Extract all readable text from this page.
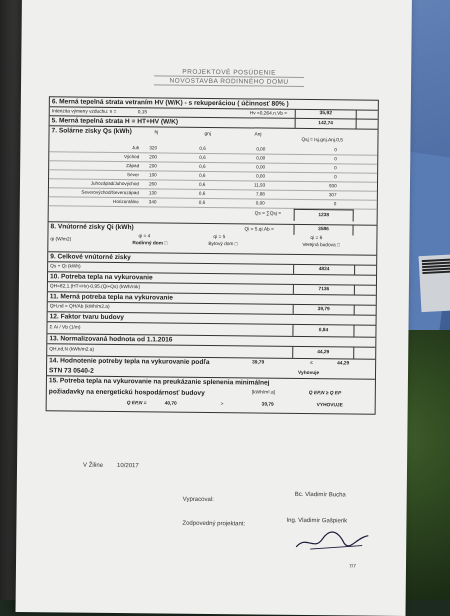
PROJEKTOVÉ POSÚDENIE
NOVOSTAVBA RODINNÉHO DOMU
6. Merná tepelná strata vetraním HV (W/K) - s rekuperáciou ( účinnosť 80% )
Intenzita výmeny vzduchu: n =	0,15	Hv =0,264.n.Vb =	35,92
5. Merná tepelná strata H = HT+HV (W/K)	142,74
7. Solárne zisky Qs (kWh)	hj	gnj	Anj
Qsj = Isj.gnj.Anj.0,5
Juh 320	0,6	0,00	0
Východ 200	0,6	0,00	0
Západ 200	0,6	0,00	0
Sever 100	0,6	0,00	0
Juhozápad/Juhovýchod 260	0,6	11,93	930
Severovýchod/Severozápad 130	0,6	7,88	307
Horizontálne 340	0,6	0,00	0
Qs = ∑Qsj =	1238
8. Vnútorné zisky Qi (kWh)	Qi = 5.qi.Ab =	3586
qi (W/m2)
qi = 4
Rodinný dom □
qi = 5
Bytový dom □
qi = 6
Verejná budova □
9. Celkové vnútorné zisky
Qs + Qi (kWh)
4824
10. Potreba tepla na vykurovanie
QH=82,1.(HT+Hv)-0,95.(Qi+Qs) (kWh/rok)	7136
11. Merná potreba tepla na vykurovanie
QH,nd = QH/Ab (kWh/m2.a)	39,79
12. Faktor tvaru budovy
Σ Ai / Vb (1/m)
0,84
13. Normalizovaná hodnota od 1.1.2016
QH,nd,N (kWh/m2.a)	44,29
14. Hodnotenie potreby tepla na vykurovanie podľa
STN 73 0540-2
39,79	≤	44,29
Vyhovuje
15. Potreba tepla na vykurovanie na preukázanie splenenia minimálnej
požiadavky na energetickú hospodárnosť budovy	[kWh/m².a]	Q EP,N ≥ Q EP
Q EP,N =	40,70	>	39,79	VYHOVUJE
V Žiline 10/2017
Vypracoval:
Bc. Vladimír Bucha
Zodpovedný projektant:	Ing. Vladimír Gašpierik
7/7
